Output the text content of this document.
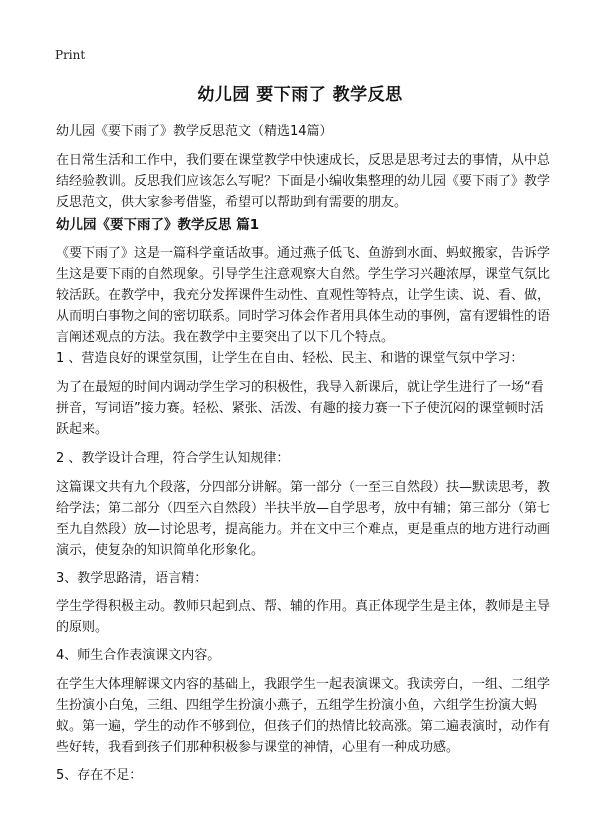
Print
幼儿园 要下雨了 教学反思
幼儿园《要下雨了》教学反思范文（精选14篇）

在日常生活和工作中，我们要在课堂教学中快速成长，反思是思考过去的事情，从中总结经验教训。反思我们应该怎么写呢？下面是小编收集整理的幼儿园《要下雨了》教学反思范文，供大家参考借鉴，希望可以帮助到有需要的朋友。

幼儿园《要下雨了》教学反思 篇1

《要下雨了》这是一篇科学童话故事。通过燕子低飞、鱼游到水面、蚂蚁搬家，告诉学生这是要下雨的自然现象。引导学生注意观察大自然。学生学习兴趣浓厚，课堂气氛比较活跃。在教学中，我充分发挥课件生动性、直观性等特点，让学生读、说、看、做，从而明白事物之间的密切联系。同时学习体会作者用具体生动的事例，富有逻辑性的语言阐述观点的方法。我在教学中主要突出了以下几个特点。

1 、营造良好的课堂氛围，让学生在自由、轻松、民主、和谐的课堂气氛中学习：

为了在最短的时间内调动学生学习的积极性，我导入新课后，就让学生进行了一场“看拼音，写词语”接力赛。轻松、紧张、活泼、有趣的接力赛一下子使沉闷的课堂顿时活跃起来。

2 、教学设计合理，符合学生认知规律：

这篇课文共有九个段落，分四部分讲解。第一部分（一至三自然段）扶—默读思考，教给学法；第二部分（四至六自然段）半扶半放—自学思考，放中有辅；第三部分（第七至九自然段）放—讨论思考，提高能力。并在文中三个难点，更是重点的地方进行动画演示，使复杂的知识简单化形象化。

3、教学思路清，语言精：

学生学得积极主动。教师只起到点、帮、辅的作用。真正体现学生是主体，教师是主导的原则。

4、师生合作表演课文内容。

在学生大体理解课文内容的基础上，我跟学生一起表演课文。我读旁白，一组、二组学生扮演小白兔，三组、四组学生扮演小燕子，五组学生扮演小鱼，六组学生扮演大蚂蚁。第一遍，学生的动作不够到位，但孩子们的热情比较高涨。第二遍表演时，动作有些好转，我看到孩子们那种积极参与课堂的神情，心里有一种成功感。

5、存在不足：
